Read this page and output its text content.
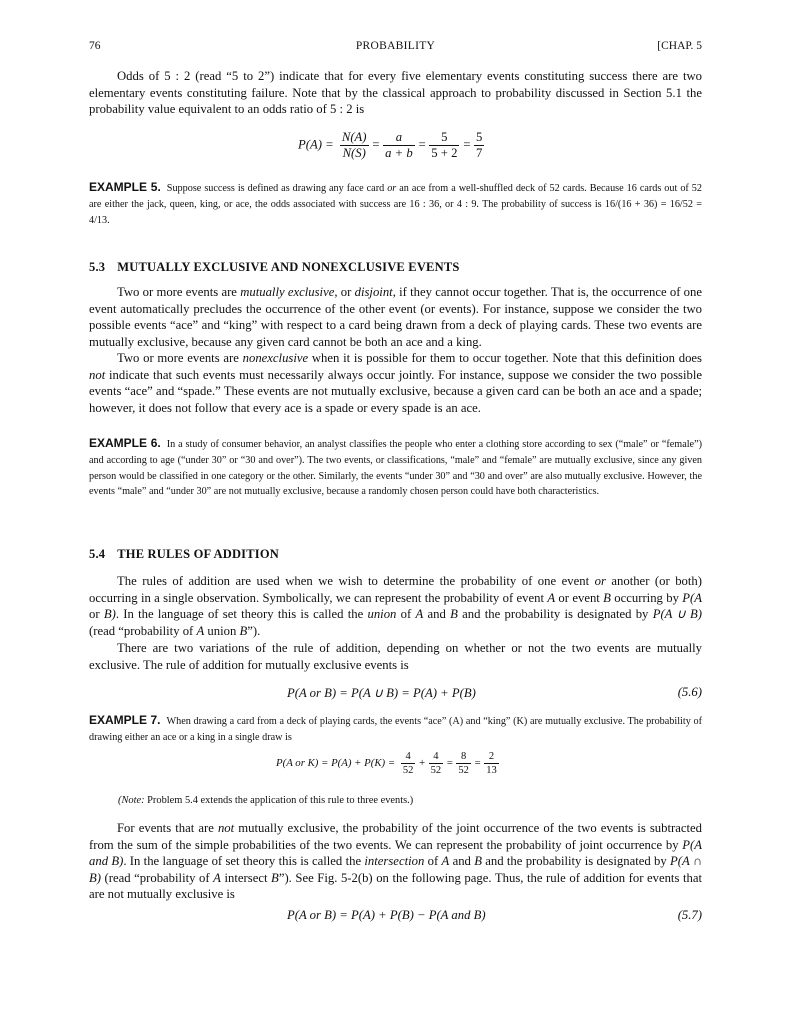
76	PROBABILITY	[CHAP. 5
Odds of 5 : 2 (read “5 to 2”) indicate that for every five elementary events constituting success there are two elementary events constituting failure. Note that by the classical approach to probability discussed in Section 5.1 the probability value equivalent to an odds ratio of 5 : 2 is
$P(A) = \frac{N(A)}{N(S)} = \frac{a}{a + b} = \frac{5}{5 + 2} = \frac{5}{7}$
EXAMPLE 5. Suppose success is defined as drawing any face card or an ace from a well-shuffled deck of 52 cards. Because 16 cards out of 52 are either the jack, queen, king, or ace, the odds associated with success are 16 : 36, or 4 : 9. The probability of success is 16/(16 + 36) = 16/52 = 4/13.
5.3 MUTUALLY EXCLUSIVE AND NONEXCLUSIVE EVENTS
Two or more events are mutually exclusive, or disjoint, if they cannot occur together. That is, the occurrence of one event automatically precludes the occurrence of the other event (or events). For instance, suppose we consider the two possible events “ace” and “king” with respect to a card being drawn from a deck of playing cards. These two events are mutually exclusive, because any given card cannot be both an ace and a king.
Two or more events are nonexclusive when it is possible for them to occur together. Note that this definition does not indicate that such events must necessarily always occur jointly. For instance, suppose we consider the two possible events “ace” and “spade.” These events are not mutually exclusive, because a given card can be both an ace and a spade; however, it does not follow that every ace is a spade or every spade is an ace.
EXAMPLE 6. In a study of consumer behavior, an analyst classifies the people who enter a clothing store according to sex (“male” or “female”) and according to age (“under 30” or “30 and over”). The two events, or classifications, “male” and “female” are mutually exclusive, since any given person would be classified in one category or the other. Similarly, the events “under 30” and “30 and over” are also mutually exclusive. However, the events “male” and “under 30” are not mutually exclusive, because a randomly chosen person could have both characteristics.
5.4 THE RULES OF ADDITION
The rules of addition are used when we wish to determine the probability of one event or another (or both) occurring in a single observation. Symbolically, we can represent the probability of event A or event B occurring by P(A or B). In the language of set theory this is called the union of A and B and the probability is designated by P(A ∪ B) (read “probability of A union B”).
There are two variations of the rule of addition, depending on whether or not the two events are mutually exclusive. The rule of addition for mutually exclusive events is
P(A or B) = P(A ∪ B) = P(A) + P(B)	(5.6)
EXAMPLE 7. When drawing a card from a deck of playing cards, the events “ace” (A) and “king” (K) are mutually exclusive. The probability of drawing either an ace or a king in a single draw is
P(A or $K) = P(A) + P(K) = \frac{4}{52} + \frac{4}{52} = \frac{8}{52} = \frac{2}{13}$
(Note: Problem 5.4 extends the application of this rule to three events.)
For events that are not mutually exclusive, the probability of the joint occurrence of the two events is subtracted from the sum of the simple probabilities of the two events. We can represent the probability of joint occurrence by P(A and B). In the language of set theory this is called the intersection of A and B and the probability is designated by P(A ∩ B) (read “probability of A intersect B”). See Fig. 5-2(b) on the following page. Thus, the rule of addition for events that are not mutually exclusive is
P(A or B) = P(A) + P(B) − P(A and B)	(5.7)
